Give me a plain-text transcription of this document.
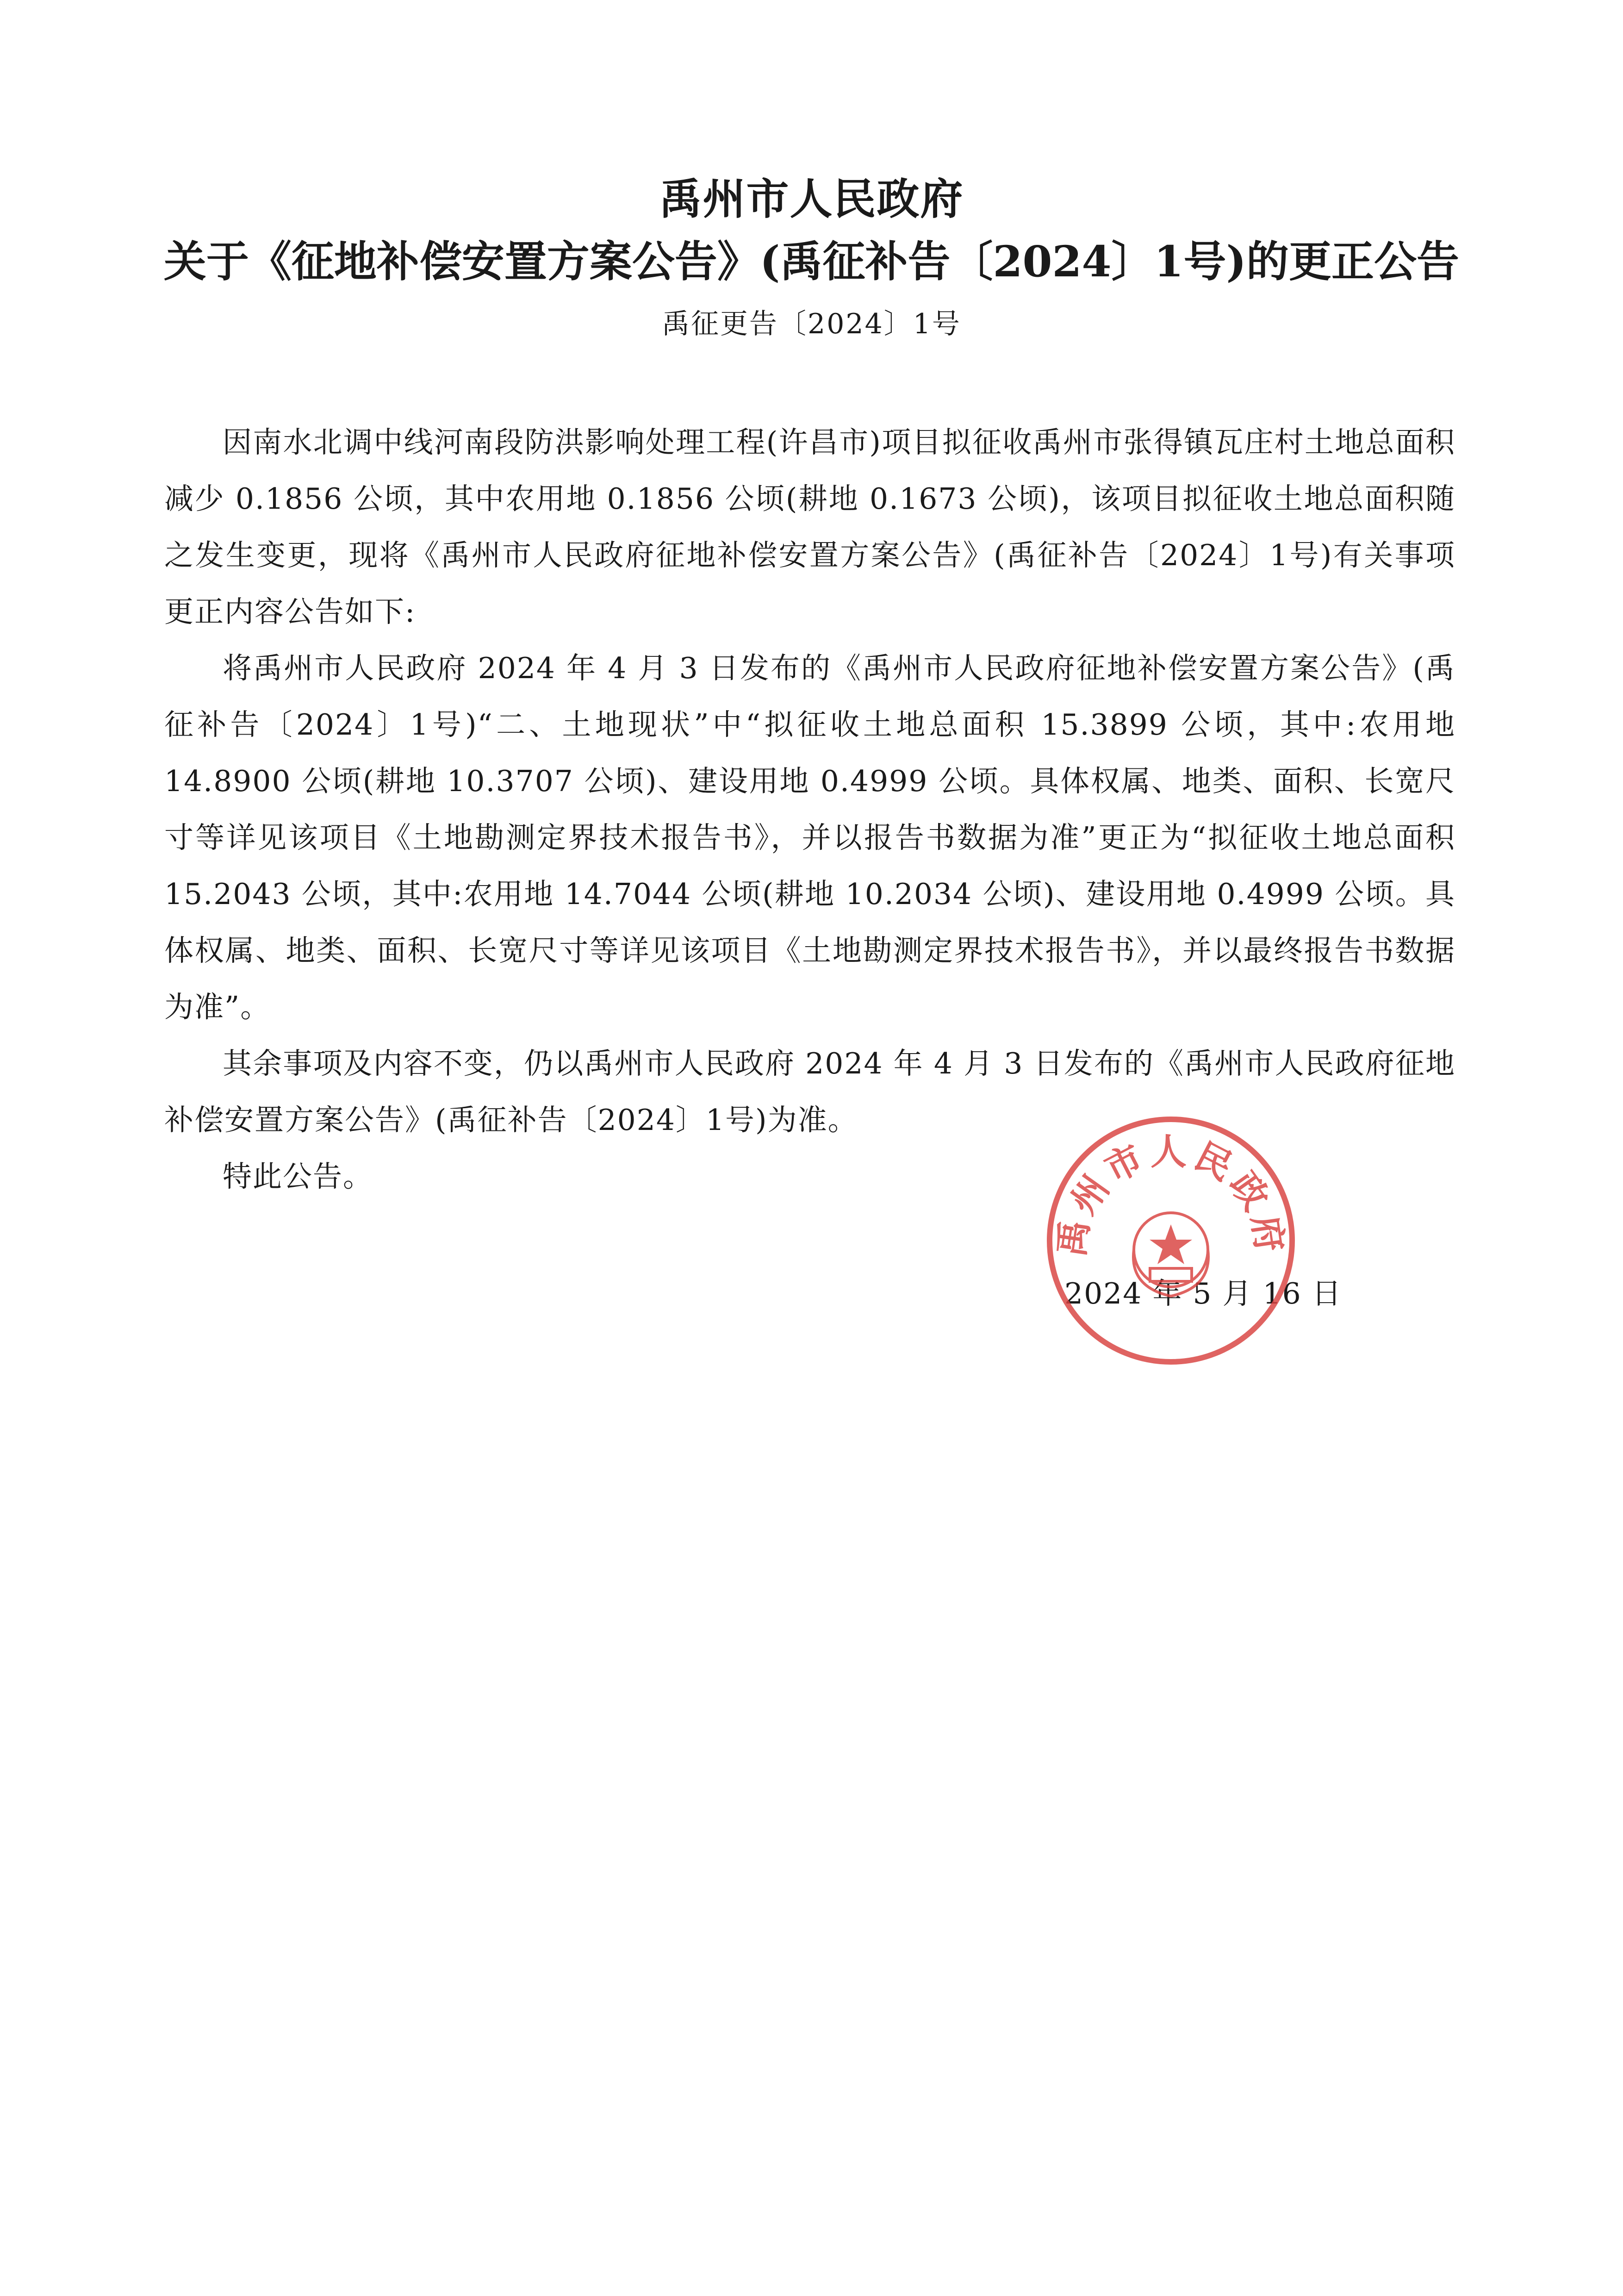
禹州市人民政府
关于《征地补偿安置方案公告》(禹征补告〔2024〕1号)的更正公告
禹征更告〔2024〕1号

因南水北调中线河南段防洪影响处理工程(许昌市)项目拟征收禹州市张得镇瓦庄村土地总面积减少 0.1856 公顷，其中农用地 0.1856 公顷(耕地 0.1673 公顷)，该项目拟征收土地总面积随之发生变更，现将《禹州市人民政府征地补偿安置方案公告》(禹征补告〔2024〕1号)有关事项更正内容公告如下:

将禹州市人民政府 2024 年 4 月 3 日发布的《禹州市人民政府征地补偿安置方案公告》(禹征补告〔2024〕1号)“二、土地现状”中“拟征收土地总面积 15.3899 公顷，其中:农用地 14.8900 公顷(耕地 10.3707 公顷)、建设用地 0.4999 公顷。具体权属、地类、面积、长宽尺寸等详见该项目《土地勘测定界技术报告书》，并以报告书数据为准”更正为“拟征收土地总面积 15.2043 公顷，其中:农用地 14.7044 公顷(耕地 10.2034 公顷)、建设用地 0.4999 公顷。具体权属、地类、面积、长宽尺寸等详见该项目《土地勘测定界技术报告书》，并以最终报告书数据为准”。

其余事项及内容不变，仍以禹州市人民政府 2024 年 4 月 3 日发布的《禹州市人民政府征地补偿安置方案公告》(禹征补告〔2024〕1号)为准。

特此公告。

2024 年 5 月 16 日
禹州市人民政府
